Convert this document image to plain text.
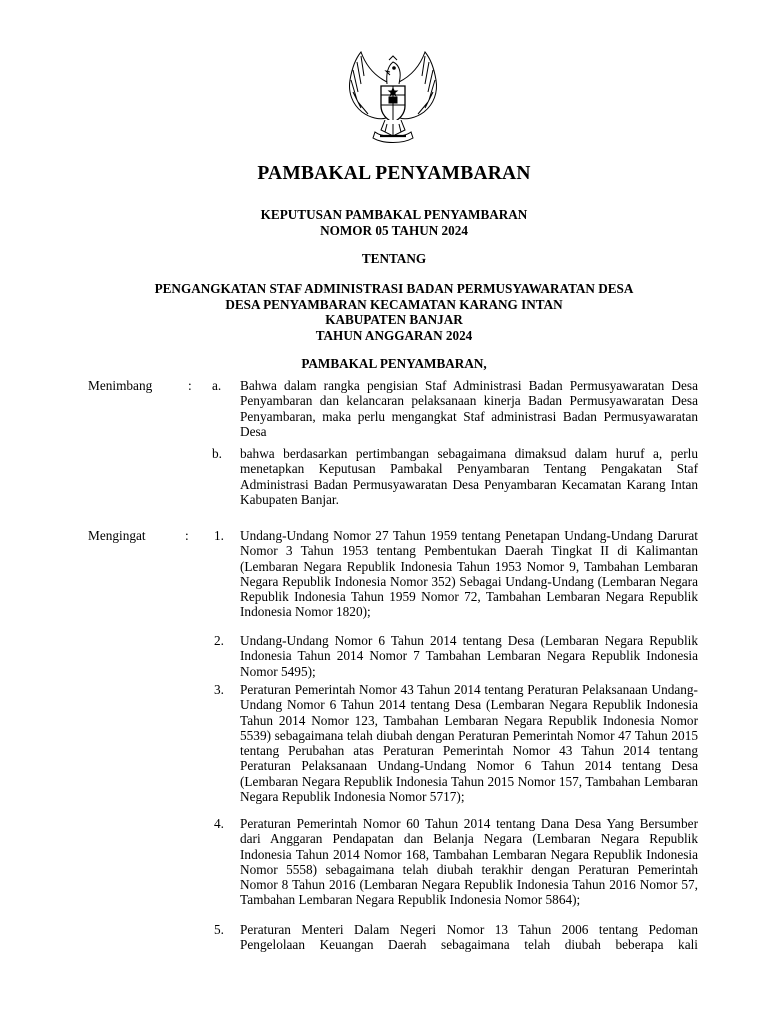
PAMBAKAL PENYAMBARAN
KEPUTUSAN PAMBAKAL PENYAMBARAN
NOMOR 05 TAHUN 2024
TENTANG
PENGANGKATAN STAF ADMINISTRASI BADAN PERMUSYAWARATAN DESA
DESA PENYAMBARAN KECAMATAN KARANG INTAN
KABUPATEN BANJAR
TAHUN ANGGARAN 2024
PAMBAKAL PENYAMBARAN,
Menimbang	: a. Bahwa dalam rangka pengisian Staf Administrasi Badan Permusyawaratan Desa Penyambaran dan kelancaran pelaksanaan kinerja Badan Permusyawaratan Desa Penyambaran, maka perlu mengangkat Staf administrasi Badan Permusyawaratan Desa
b. bahwa berdasarkan pertimbangan sebagaimana dimaksud dalam huruf a, perlu menetapkan Keputusan Pambakal Penyambaran Tentang Pengakatan Staf Administrasi Badan Permusyawaratan Desa Penyambaran Kecamatan Karang Intan Kabupaten Banjar.
Mengingat	: 1. Undang-Undang Nomor 27 Tahun 1959 tentang Penetapan Undang-Undang Darurat Nomor 3 Tahun 1953 tentang Pembentukan Daerah Tingkat II di Kalimantan (Lembaran Negara Republik Indonesia Tahun 1953 Nomor 9, Tambahan Lembaran Negara Republik Indonesia Nomor 352) Sebagai Undang-Undang (Lembaran Negara Republik Indonesia Tahun 1959 Nomor 72, Tambahan Lembaran Negara Republik Indonesia Nomor 1820);
2. Undang-Undang Nomor 6 Tahun 2014 tentang Desa (Lembaran Negara Republik Indonesia Tahun 2014 Nomor 7 Tambahan Lembaran Negara Republik Indonesia Nomor 5495);
3. Peraturan Pemerintah Nomor 43 Tahun 2014 tentang Peraturan Pelaksanaan Undang-Undang Nomor 6 Tahun 2014 tentang Desa (Lembaran Negara Republik Indonesia Tahun 2014 Nomor 123, Tambahan Lembaran Negara Republik Indonesia Nomor 5539) sebagaimana telah diubah dengan Peraturan Pemerintah Nomor 47 Tahun 2015 tentang Perubahan atas Peraturan Pemerintah Nomor 43 Tahun 2014 tentang Peraturan Pelaksanaan Undang-Undang Nomor 6 Tahun 2014 tentang Desa (Lembaran Negara Republik Indonesia Tahun 2015 Nomor 157, Tambahan Lembaran Negara Republik Indonesia Nomor 5717);
4. Peraturan Pemerintah Nomor 60 Tahun 2014 tentang Dana Desa Yang Bersumber dari Anggaran Pendapatan dan Belanja Negara (Lembaran Negara Republik Indonesia Tahun 2014 Nomor 168, Tambahan Lembaran Negara Republik Indonesia Nomor 5558) sebagaimana telah diubah terakhir dengan Peraturan Pemerintah Nomor 8 Tahun 2016 (Lembaran Negara Republik Indonesia Tahun 2016 Nomor 57, Tambahan Lembaran Negara Republik Indonesia Nomor 5864);
5. Peraturan Menteri Dalam Negeri Nomor 13 Tahun 2006 tentang Pedoman Pengelolaan Keuangan Daerah sebagaimana telah diubah beberapa kali
